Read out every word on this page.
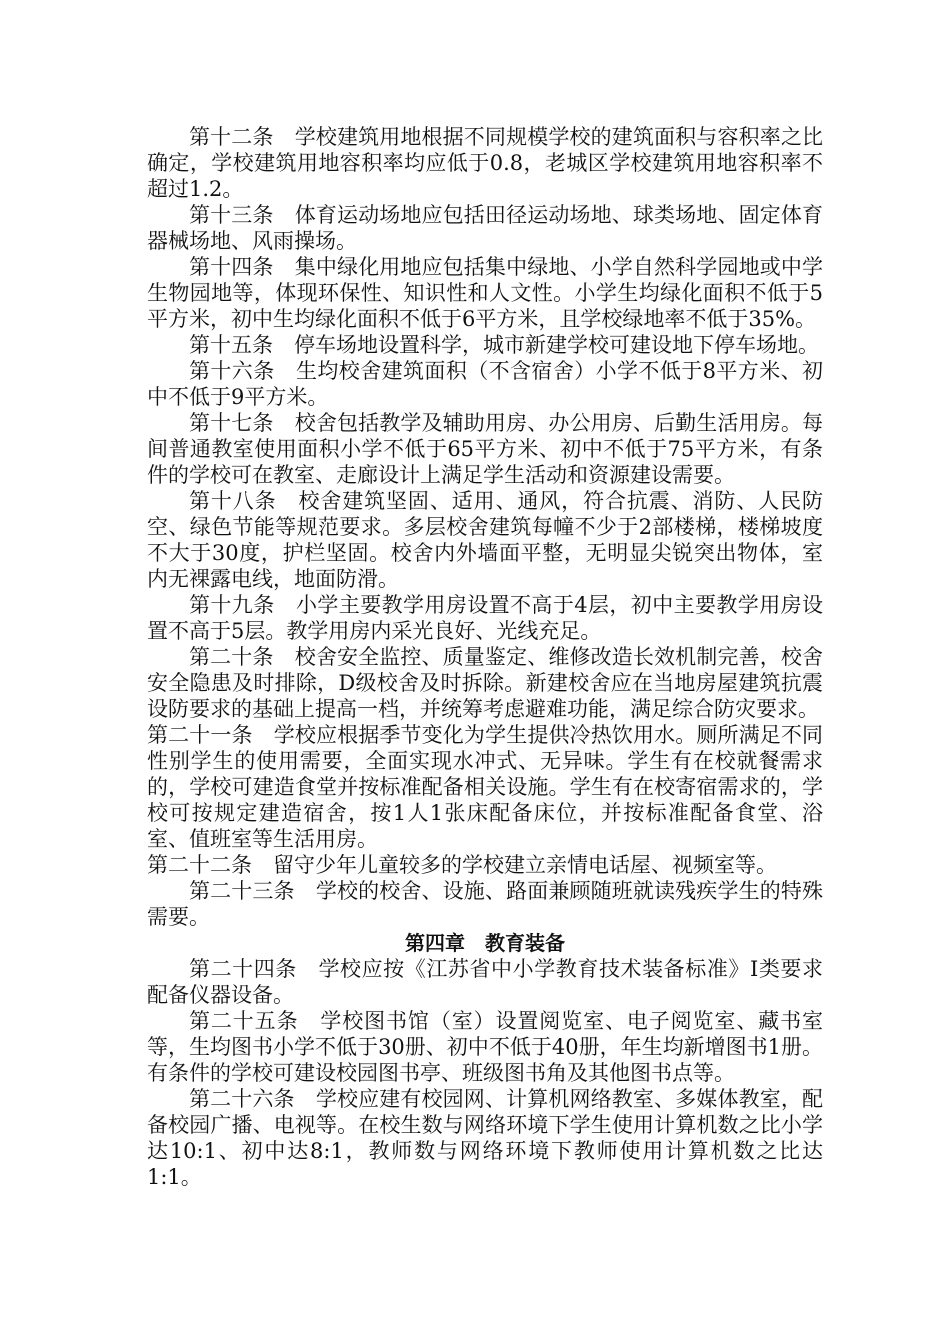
第十二条　学校建筑用地根据不同规模学校的建筑面积与容积率之比确定，学校建筑用地容积率均应低于0.8，老城区学校建筑用地容积率不超过1.2。

第十三条　体育运动场地应包括田径运动场地、球类场地、固定体育器械场地、风雨操场。

第十四条　集中绿化用地应包括集中绿地、小学自然科学园地或中学生物园地等，体现环保性、知识性和人文性。小学生均绿化面积不低于5平方米，初中生均绿化面积不低于6平方米，且学校绿地率不低于35%。

第十五条　停车场地设置科学，城市新建学校可建设地下停车场地。

第十六条　生均校舍建筑面积（不含宿舍）小学不低于8平方米、初中不低于9平方米。

第十七条　校舍包括教学及辅助用房、办公用房、后勤生活用房。每间普通教室使用面积小学不低于65平方米、初中不低于75平方米，有条件的学校可在教室、走廊设计上满足学生活动和资源建设需要。

第十八条　校舍建筑坚固、适用、通风，符合抗震、消防、人民防空、绿色节能等规范要求。多层校舍建筑每幢不少于2部楼梯，楼梯坡度不大于30度，护栏坚固。校舍内外墙面平整，无明显尖锐突出物体，室内无裸露电线，地面防滑。

第十九条　小学主要教学用房设置不高于4层，初中主要教学用房设置不高于5层。教学用房内采光良好、光线充足。

第二十条　校舍安全监控、质量鉴定、维修改造长效机制完善，校舍安全隐患及时排除，D级校舍及时拆除。新建校舍应在当地房屋建筑抗震设防要求的基础上提高一档，并统筹考虑避难功能，满足综合防灾要求。

第二十一条　学校应根据季节变化为学生提供冷热饮用水。厕所满足不同性别学生的使用需要，全面实现水冲式、无异味。学生有在校就餐需求的，学校可建造食堂并按标准配备相关设施。学生有在校寄宿需求的，学校可按规定建造宿舍，按1人1张床配备床位，并按标准配备食堂、浴室、值班室等生活用房。

第二十二条　留守少年儿童较多的学校建立亲情电话屋、视频室等。

第二十三条　学校的校舍、设施、路面兼顾随班就读残疾学生的特殊需要。

第四章　教育装备

第二十四条　学校应按《江苏省中小学教育技术装备标准》Ⅰ类要求配备仪器设备。

第二十五条　学校图书馆（室）设置阅览室、电子阅览室、藏书室等，生均图书小学不低于30册、初中不低于40册，年生均新增图书1册。有条件的学校可建设校园图书亭、班级图书角及其他图书点等。

第二十六条　学校应建有校园网、计算机网络教室、多媒体教室，配备校园广播、电视等。在校生数与网络环境下学生使用计算机数之比小学达10:1、初中达8:1，教师数与网络环境下教师使用计算机数之比达1:1。
